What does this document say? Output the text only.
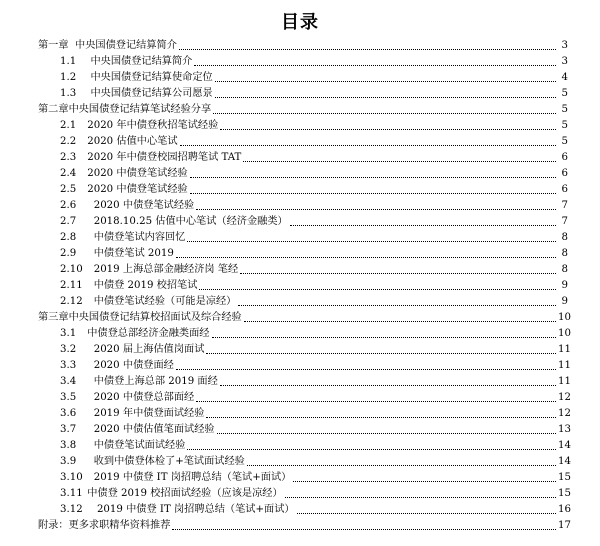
目录
第一章 中央国债登记结算简介	3
1.1 中央国债登记结算简介	3
1.2 中央国债登记结算使命定位	4
1.3 中央国债登记结算公司愿景	5
第二章 中央国债登记结算笔试经验分享	5
2.1 2020 年中债登秋招笔试经验	5
2.2 2020 估值中心笔试	5
2.3 2020 年中债登校园招聘笔试 TAT	6
2.4 2020 中债登笔试经验	6
2.5 2020 中债登笔试经验	6
2.6 2020 中债登笔试经验	7
2.7 2018.10.25 估值中心笔试（经济金融类）	7
2.8 中债登笔试内容回忆	8
2.9 中债登笔试 2019	8
2.10 2019 上海总部金融经济岗 笔经	8
2.11 中债登 2019 校招笔试	9
2.12 中债登笔试经验（可能是凉经）	9
第三章 中央国债登记结算校招面试及综合经验	10
3.1 中债登总部经济金融类面经	10
3.2 2020 届上海估值岗面试	11
3.3 2020 中债登面经	11
3.4 中债登上海总部 2019 面经	11
3.5 2020 中债登总部面经	12
3.6 2019 年中债登面试经验	12
3.7 2020 中债估值笔面试经验	13
3.8 中债登笔试面试经验	14
3.9 收到中债登体检了+笔试面试经验	14
3.10 2019 中债登 IT 岗招聘总结（笔试+面试）	15
3.11 中债登 2019 校招面试经验（应该是凉经）	15
3.12 2019 中债登 IT 岗招聘总结（笔试+面试）	16
附录： 更多求职精华资料推荐	17
